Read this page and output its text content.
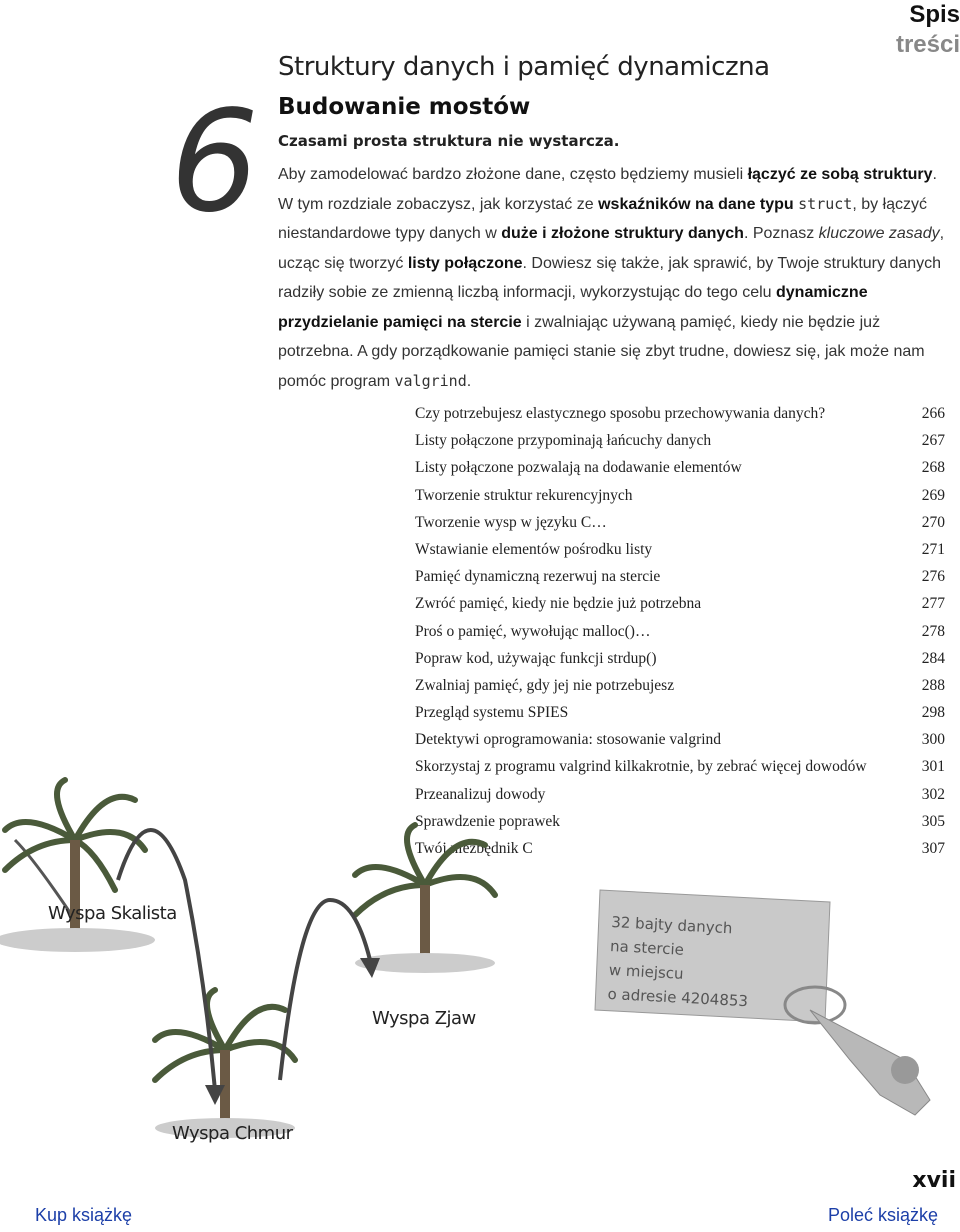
Spis treści
6
Struktury danych i pamięć dynamiczna
Budowanie mostów
Czasami prosta struktura nie wystarcza.
Aby zamodelować bardzo złożone dane, często będziemy musieli łączyć ze sobą struktury. W tym rozdziale zobaczysz, jak korzystać ze wskaźników na dane typu struct, by łączyć niestandardowe typy danych w duże i złożone struktury danych. Poznasz kluczowe zasady, ucząc się tworzyć listy połączone. Dowiesz się także, jak sprawić, by Twoje struktury danych radziły sobie ze zmienną liczbą informacji, wykorzystując do tego celu dynamiczne przydzielanie pamięci na stercie i zwalniając używaną pamięć, kiedy nie będzie już potrzebna. A gdy porządkowanie pamięci stanie się zbyt trudne, dowiesz się, jak może nam pomóc program valgrind.
Czy potrzebujesz elastycznego sposobu przechowywania danych?	266
Listy połączone przypominają łańcuchy danych	267
Listy połączone pozwalają na dodawanie elementów	268
Tworzenie struktur rekurencyjnych	269
Tworzenie wysp w języku C…	270
Wstawianie elementów pośrodku listy	271
Pamięć dynamiczną rezerwuj na stercie	276
Zwróć pamięć, kiedy nie będzie już potrzebna	277
Proś o pamięć, wywołując malloc()…	278
Popraw kod, używając funkcji strdup()	284
Zwalniaj pamięć, gdy jej nie potrzebujesz	288
Przegląd systemu SPIES	298
Detektywi oprogramowania: stosowanie valgrind	300
Skorzystaj z programu valgrind kilkakrotnie, by zebrać więcej dowodów	301
Przeanalizuj dowody	302
Sprawdzenie poprawek	305
Twój niezbędnik C	307
Wyspa Skalista
Wyspa Zjaw
Wyspa Chmur
32 bajty danych
na stercie
w miejscu
o adresie 4204853
xvii
Kup książkę	Poleć książkę
